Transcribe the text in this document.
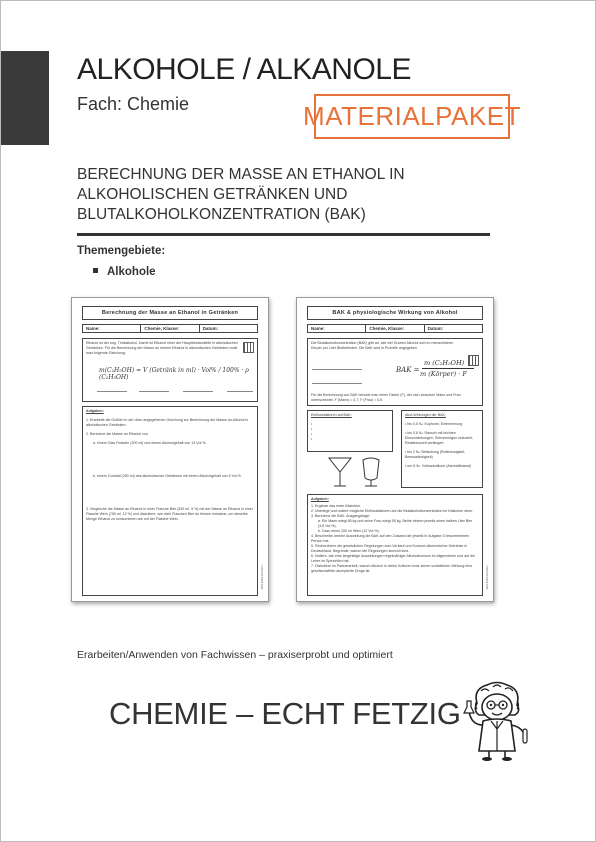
ALKOHOLE / ALKANOLE
Fach: Chemie	MATERIALPAKET
BERECHNUNG DER MASSE AN ETHANOL IN
ALKOHOLISCHEN GETRÄNKEN UND
BLUTALKOHOLKONZENTRATION (BAK)
Themengebiete:
Alkohole
Berechnung der Masse an Ethanol in Getränken
Name:	Chemie, Klasse:	Datum:
Ethanol ist der sog. Trinkalkohol. Damit ist Ethanol einer der Hauptbestandteile in alkoholischen Getränken. Für die Berechnung der Masse an reinem Ethanol in alkoholischen Getränken nutzt man folgende Gleichung:
m(C₂H₅OH) = V (Getränk in ml) · Vol% / 100% · ρ (C₂H₅OH)
Aufgaben:
1. Erarbeite die Größen in der oben angegebenen Gleichung zur Berechnung der Masse an Alkohol in alkoholischen Getränken.
2. Berechne die Masse an Ethanol von
a. einem Glas Rotwein (200 ml) und einem Alkoholgehalt von 13 Vol.%.
b. einem Cocktail (250 ml) des alkoholischen Getränkes mit einem Alkoholgehalt von 5 Vol.%.
3. Vergleiche die Masse an Ethanol in einer Flasche Bier (330 ml, 5 %) mit der Masse an Ethanol in einer Flasche Wein (750 ml, 12 %) und diskutiere, wie viele Flaschen Bier du trinken müsstest, um dieselbe Menge Ethanol zu konsumieren wie mit der Flasche Wein.
MATERIALPAKET
BAK & physiologische Wirkung von Alkohol
Name:	Chemie, Klasse:	Datum:
Die Blutalkoholkonzentration (BAK) gibt an, wie viel Gramm Alkohol sich im menschlichen Körper pro Liter Blutbefinden. Die BAK wird in Promille angegeben.
BAK =
m (C₂H₅OH)
m (Körper) · F
Für die Berechnung von BAK benutzt man einen Faktor (F), der sich zwischen Mann und Frau unterscheidet. F (Mann) = 0,7; F (Frau) = 0,6
Einflussfaktoren auf BAK:
•
•
•
•
Akut-Wirkungen der BAK:
• bis 0,5 ‰: Euphorie, Enthemmung
• bis 0,8 ‰: Rausch mit leichten Einschränkungen; Sehvermögen reduziert, Reaktionszeit verlängert
• bis 2 ‰: Betäubung (Reflexlosigkeit, Bewusstlosigkeit)
• um 5 ‰: Vollnarkotikum (Atemstillstand)
Aufgaben:
1. Ergänze das erste Kästchen.
2. Überlege und notiere mögliche Einflussfaktoren auf die Blutalkoholkonzentration im Kästchen oben.
3. Berechne die BAK. Ausgangslage:
a. Ein Mann wiegt 85 kg und seine Frau wiegt 55 kg. Beide trinken jeweils einen halben Liter Bier (4,8 Vol.%).
b. Dazu einen 200 ml Wein (12 Vol.%).
4. Beschreibe welche Auswirkung die BAK auf den Zustand der jeweils in Aufgabe 3 beschriebenen Person hat.
5. Recherchiere die gesetzlichen Regelungen zum Verkauf und Konsum alkoholischer Getränke in Deutschland. Begründe, warum die Regelungen sinnvoll sind.
6. Notiere, wie eine langfristige Auswirkungen regelmäßiger Alkoholkonsum im Allgemeinen und auf die Leber im Speziellen hat.
7. Diskutiere im Partnerarbeit, warum Alkohol in vielen Kulturen trotz seiner schädlichen Wirkung eine gesellschaftlich akzeptierte Droge ist.	MATERIALPAKET
Erarbeiten/Anwenden von Fachwissen – praxiserprobt und optimiert
CHEMIE – ECHT FETZIG
